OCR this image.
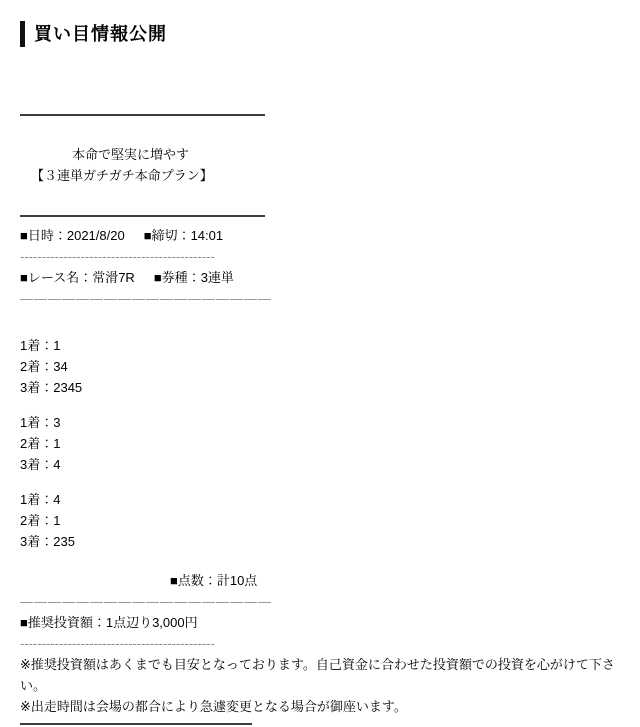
買い目情報公開
本命で堅実に増やす
【３連単ガチガチ本命プラン】
■日時：2021/8/20 ■締切：14:01
---------------------------------------------
■レース名：常滑7R ■券種：3連単
——————————————————
1着：1
2着：34
3着：2345
1着：3
2着：1
3着：4
1着：4
2着：1
3着：235
■点数：計10点
——————————————————
■推奨投資額：1点辺り3,000円
---------------------------------------------
※推奨投資額はあくまでも目安となっております。自己資金に合わせた投資額での投資を心がけて下さい。
※出走時間は会場の都合により急遽変更となる場合が御座います。
